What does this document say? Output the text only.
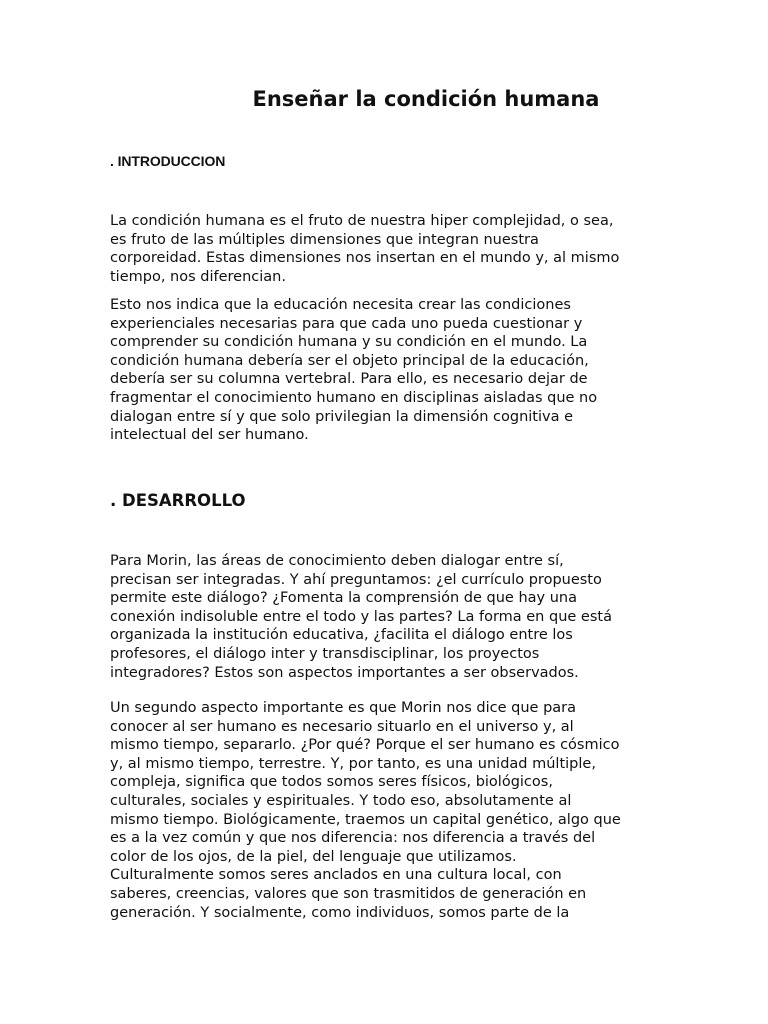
Enseñar la condición humana
. INTRODUCCION

La condición humana es el fruto de nuestra hiper complejidad, o sea,
es fruto de las múltiples dimensiones que integran nuestra
corporeidad. Estas dimensiones nos insertan en el mundo y, al mismo
tiempo, nos diferencian.

Esto nos indica que la educación necesita crear las condiciones
experienciales necesarias para que cada uno pueda cuestionar y
comprender su condición humana y su condición en el mundo. La
condición humana debería ser el objeto principal de la educación,
debería ser su columna vertebral. Para ello, es necesario dejar de
fragmentar el conocimiento humano en disciplinas aisladas que no
dialogan entre sí y que solo privilegian la dimensión cognitiva e
intelectual del ser humano.

. DESARROLLO

Para Morin, las áreas de conocimiento deben dialogar entre sí,
precisan ser integradas. Y ahí preguntamos: ¿el currículo propuesto
permite este diálogo? ¿Fomenta la comprensión de que hay una
conexión indisoluble entre el todo y las partes? La forma en que está
organizada la institución educativa, ¿facilita el diálogo entre los
profesores, el diálogo inter y transdisciplinar, los proyectos
integradores? Estos son aspectos importantes a ser observados.

Un segundo aspecto importante es que Morin nos dice que para
conocer al ser humano es necesario situarlo en el universo y, al
mismo tiempo, separarlo. ¿Por qué? Porque el ser humano es cósmico
y, al mismo tiempo, terrestre. Y, por tanto, es una unidad múltiple,
compleja, significa que todos somos seres físicos, biológicos,
culturales, sociales y espirituales. Y todo eso, absolutamente al
mismo tiempo. Biológicamente, traemos un capital genético, algo que
es a la vez común y que nos diferencia: nos diferencia a través del
color de los ojos, de la piel, del lenguaje que utilizamos.
Culturalmente somos seres anclados en una cultura local, con
saberes, creencias, valores que son trasmitidos de generación en
generación. Y socialmente, como individuos, somos parte de la
